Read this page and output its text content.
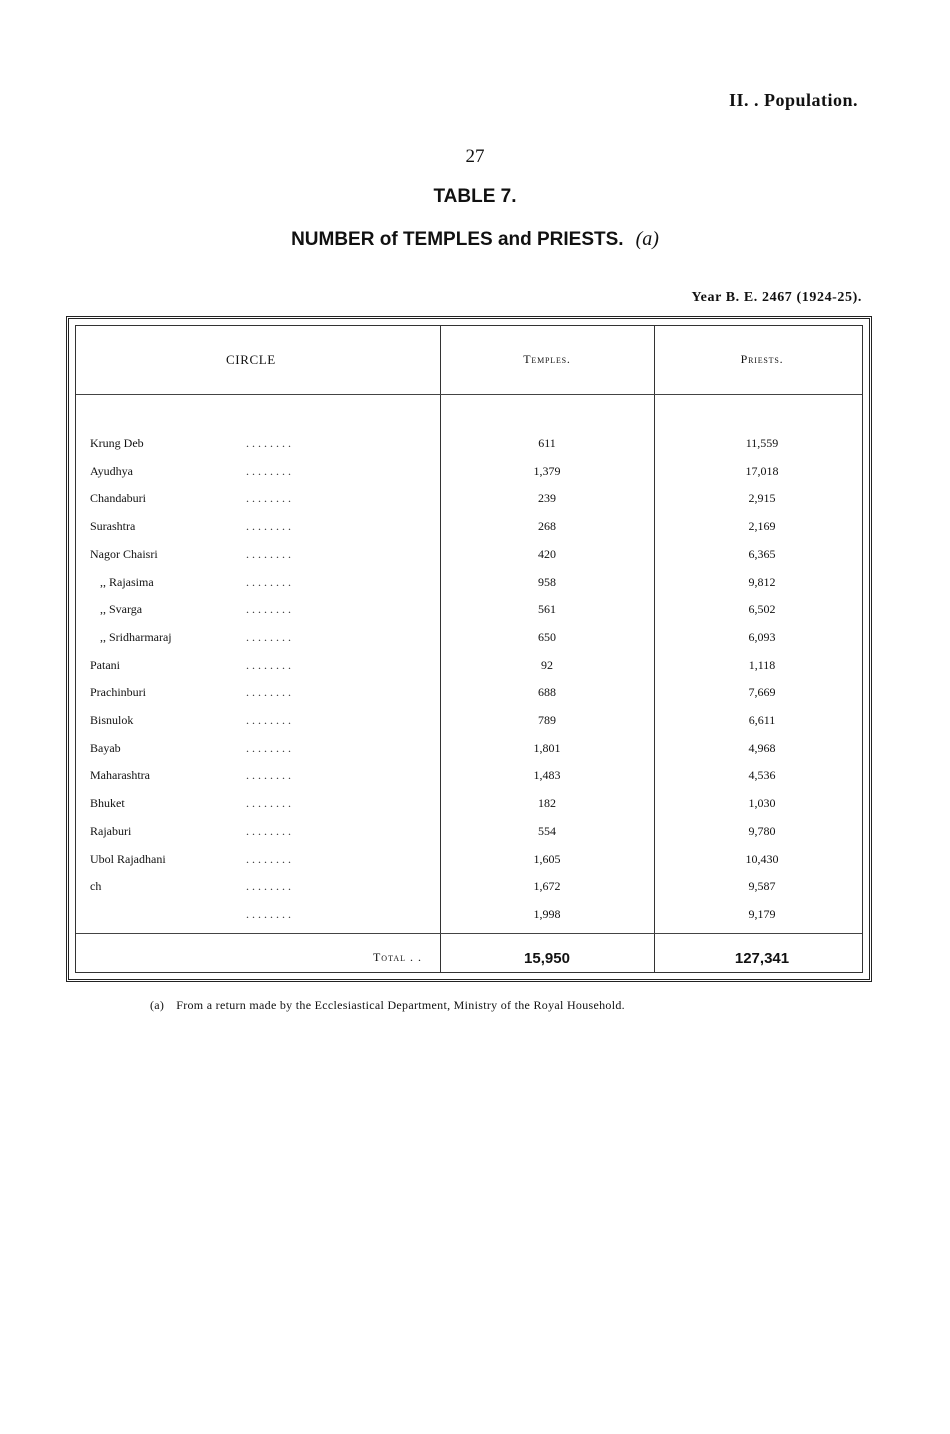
II. . Population.
27
TABLE 7.
NUMBER of TEMPLES and PRIESTS. (a)
Year B. E. 2467 (1924-25).
CIRCLE	Temples.	Priests.
Krung Deb	. . . . . . . .	611	11,559
Ayudhya	. . . . . . . .	1,379	17,018
Chandaburi	. . . . . . . .	239	2,915
Surashtra	. . . . . . . .	268	2,169
Nagor Chaisri	. . . . . . . .	420	6,365
,, Rajasima	. . . . . . . .	958	9,812
,, Svarga	. . . . . . . .	561	6,502
,, Sridharmaraj	. . . . . . . .	650	6,093
Patani	. . . . . . . .	92	1,118
Prachinburi	. . . . . . . .	688	7,669
Bisnulok	. . . . . . . .	789	6,611
Bayab	. . . . . . . .	1,801	4,968
Maharashtra	. . . . . . . .	1,483	4,536
Bhuket	. . . . . . . .	182	1,030
Rajaburi	. . . . . . . .	554	9,780
Ubol Rajadhani	. . . . . . . .	1,605	10,430
ch	. . . . . . . .	1,672	9,587
. . . . . . . .	1,998	9,179
Total . .	15,950	127,341
(a) From a return made by the Ecclesiastical Department, Ministry of the Royal Household.
